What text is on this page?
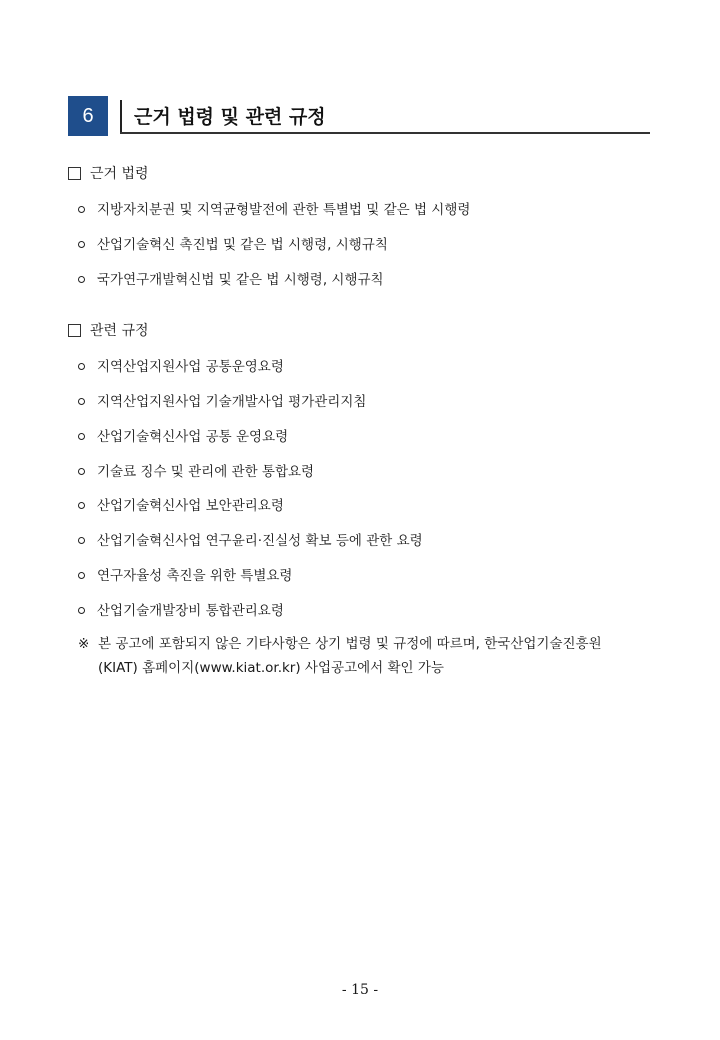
6	근거 법령 및 관련 규정
근거 법령
지방자치분권 및 지역균형발전에 관한 특별법 및 같은 법 시행령
산업기술혁신 촉진법 및 같은 법 시행령, 시행규칙
국가연구개발혁신법 및 같은 법 시행령, 시행규칙
관련 규정
지역산업지원사업 공통운영요령
지역산업지원사업 기술개발사업 평가관리지침
산업기술혁신사업 공통 운영요령
기술료 징수 및 관리에 관한 통합요령
산업기술혁신사업 보안관리요령
산업기술혁신사업 연구윤리·진실성 확보 등에 관한 요령
연구자율성 촉진을 위한 특별요령
산업기술개발장비 통합관리요령
※ 본 공고에 포함되지 않은 기타사항은 상기 법령 및 규정에 따르며, 한국산업기술진흥원
(KIAT) 홈페이지(www.kiat.or.kr) 사업공고에서 확인 가능
- 15 -
